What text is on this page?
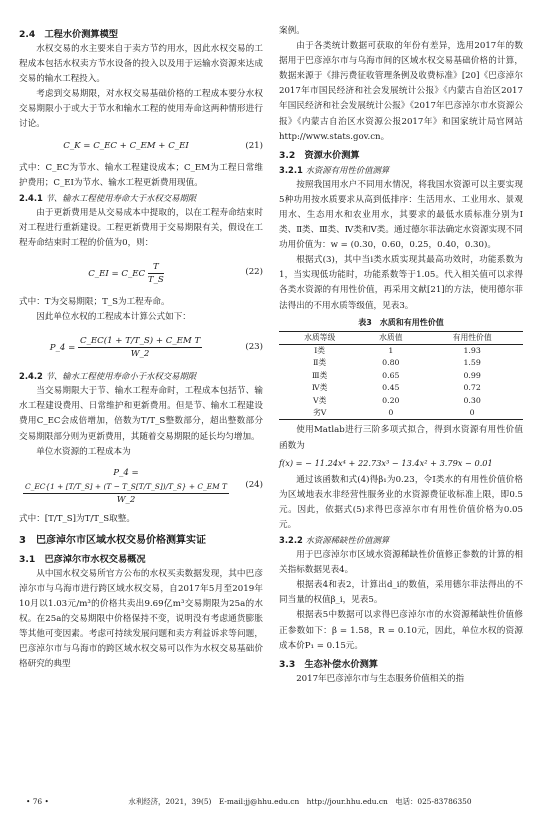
2.4　工程水价测算模型

水权交易的水主要来自于卖方节约用水，因此水权交易的工程成本包括水权卖方节水设备的投入以及用于运输水资源来达成交易的输水工程投入。

考虑到交易期限，对水权交易基础价格的工程成本要分水权交易期限小于或大于节水和输水工程的使用寿命这两种情形进行讨论。

C_K = C_EC + C_EM + C_EI	(21)

式中：C_EC为节水、输水工程建设成本；C_EM为工程日常维护费用；C_EI为节水、输水工程更新费用现值。

2.4.1 节、输水工程使用寿命大于水权交易期限

由于更新费用是从交易成本中提取的，以在工程寿命结束时对工程进行重新建设。工程更新费用于交易期限有关，假设在工程寿命结束时工程的价值为0，则：

C_EI = C_EC $\frac{T}{T\_S}$	(22)

式中：T为交易期限；T_S为工程寿命。

因此单位水权的工程成本计算公式如下：

P_4 = $\frac{\text{C\_EC(1 + T/T\_S) + C\_EM T}}{W\_2}$	(23)
2.4.2 节、输水工程使用寿命小于水权交易期限

当交易期限大于节、输水工程寿命时，工程成本包括节、输水工程建设费用、日常维护和更新费用。但是节、输水工程建设费用C_EC会成倍增加，倍数为T/T_S整数部分，超出整数部分交易期限部分则为更新费用，其随着交易期限的延长均匀增加。

单位水资源的工程成本为

P_4 =
$\frac{\text{C\_EC\{1 + [T/T\_S] + (T − T\_S[T/T\_S])/T\_S\} + C\_EM T}}{W\_2}$	(24)

式中：[T/T_S]为T/T_S取整。

3　巴彦淖尔市区域水权交易价格测算实证
3.1　巴彦淖尔市水权交易概况

从中国水权交易所官方公布的水权买卖数据发现，其中巴彦淖尔市与乌海市进行跨区域水权交易，自2017年5月至2019年10月以1.03元/m³的价格共卖出9.69亿m³交易期限为25a的水权。在25a的交易期限中价格保持不变，说明没有考虑通货膨胀等其他可变因素。考虑可持续发展问题和卖方利益诉求等问题，巴彦淖尔市与乌海市的跨区域水权交易可以作为水权交易基础价格研究的典型

案例。

由于各类统计数据可获取的年份有差异，选用2017年的数据用于巴彦淖尔市与乌海市间的区域水权交易基础价格的计算，数据来源于《排污费征收管理条例及收费标准》[20]《巴彦淖尔2017年市国民经济和社会发展统计公报》《内蒙古自治区2017年国民经济和社会发展统计公报》《2017年巴彦淖尔市水资源公报》《内蒙古自治区水资源公报2017年》和国家统计局官网站 http://www.stats.gov.cn。

3.2　资源水价测算
3.2.1 水资源有用性价值测算

按照我国用水户不同用水情况，将我国水资源可以主要实现5种功用按水质要求从高到低排序：生活用水、工业用水、景观用水、生态用水和农业用水，其要求的最低水质标准分别为Ⅰ类、Ⅱ类、Ⅲ类、Ⅳ类和Ⅴ类。通过德尔菲法确定水资源实现不同功用价值为：w = (0.30，0.60，0.25，0.40，0.30)。

根据式(3)，其中当i类水质实现其最高功效时，功能系数为1，当实现低功能时，功能系数等于1.05。代入相关值可以求得各类水资源的有用性价值，再采用文献[21]的方法，使用德尔菲法得出的不用水质等级值，见表3。

表3　水质和有用性价值
水质等级	水质值	有用性价值
Ⅰ类	1	1.93
Ⅱ类	0.80	1.59
Ⅲ类	0.65	0.99
Ⅳ类	0.45	0.72
Ⅴ类	0.20	0.30
劣Ⅴ	0	0

使用Matlab进行三阶多项式拟合，得到水资源有用性价值函数为

f(x) = − 11.24x⁴ + 22.73x³ − 13.4x² + 3.79x − 0.01

通过该函数和式(4)得β₁为0.23，令Ⅰ类水的有用性价值价格为区域地表水非经营性服务业的水资源费征收标准上限，即0.5元。因此，依据式(5)求得巴彦淖尔市有用性价值价格为0.05元。

3.2.2 水资源稀缺性价值测算

用于巴彦淖尔市区域水资源稀缺性价值修正参数的计算的相关指标数据见表4。

根据表4和表2，计算出d_i的数值，采用德尔菲法得出的不同当量的权值β_i，见表5。

根据表5中数据可以求得巴彦淖尔市的水资源稀缺性价值修正参数如下：β = 1.58，R = 0.10元，因此，单位水权的资源成本价P₁ = 0.15元。

3.3　生态补偿水价测算

2017年巴彦淖尔市与生态服务价值相关的指

• 76 •	水利经济，2021，39(5)　E-mail:jj@hhu.edu.cn　http://jour.hhu.edu.cn　电话：025-83786350
